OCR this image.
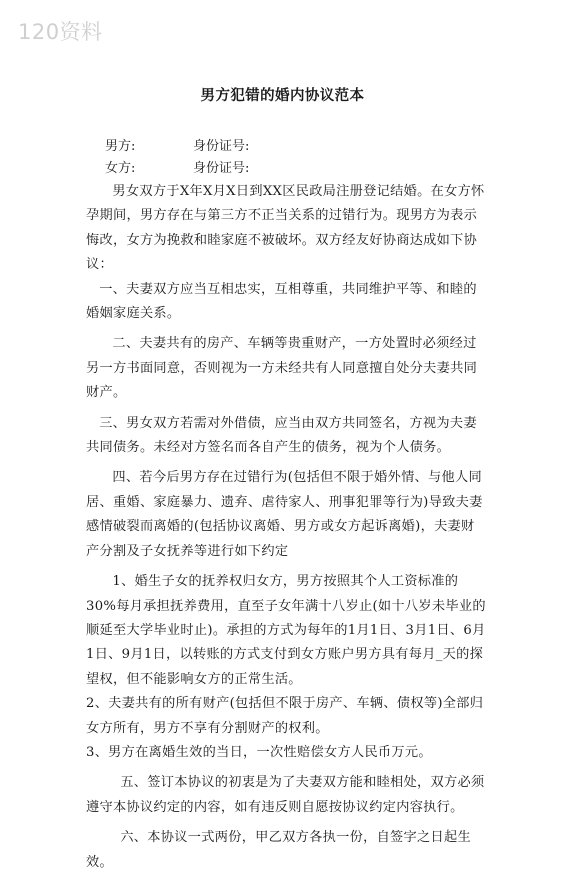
120资料
男方犯错的婚内协议范本
男方:	身份证号:
女方:	身份证号:

男女双方于X年X月X日到XX区民政局注册登记结婚。在女方怀孕期间，男方存在与第三方不正当关系的过错行为。现男方为表示悔改，女方为挽救和睦家庭不被破坏。双方经友好协商达成如下协议：

一、夫妻双方应当互相忠实，互相尊重，共同维护平等、和睦的婚姻家庭关系。

二、夫妻共有的房产、车辆等贵重财产，一方处置时必须经过另一方书面同意，否则视为一方未经共有人同意擅自处分夫妻共同财产。

三、男女双方若需对外借债，应当由双方共同签名，方视为夫妻共同债务。未经对方签名而各自产生的债务，视为个人债务。

四、若今后男方存在过错行为(包括但不限于婚外情、与他人同居、重婚、家庭暴力、遗弃、虐待家人、刑事犯罪等行为)导致夫妻感情破裂而离婚的(包括协议离婚、男方或女方起诉离婚)，夫妻财产分割及子女抚养等进行如下约定

1、婚生子女的抚养权归女方，男方按照其个人工资标准的30%每月承担抚养费用，直至子女年满十八岁止(如十八岁未毕业的顺延至大学毕业时止)。承担的方式为每年的1月1日、3月1日、6月1日、9月1日，以转账的方式支付到女方账户男方具有每月_天的探望权，但不能影响女方的正常生活。

2、夫妻共有的所有财产(包括但不限于房产、车辆、债权等)全部归女方所有，男方不享有分割财产的权利。

3、男方在离婚生效的当日，一次性赔偿女方人民币万元。

五、签订本协议的初衷是为了夫妻双方能和睦相处，双方必须遵守本协议约定的内容，如有违反则自愿按协议约定内容执行。

六、本协议一式两份，甲乙双方各执一份，自签字之日起生效。
